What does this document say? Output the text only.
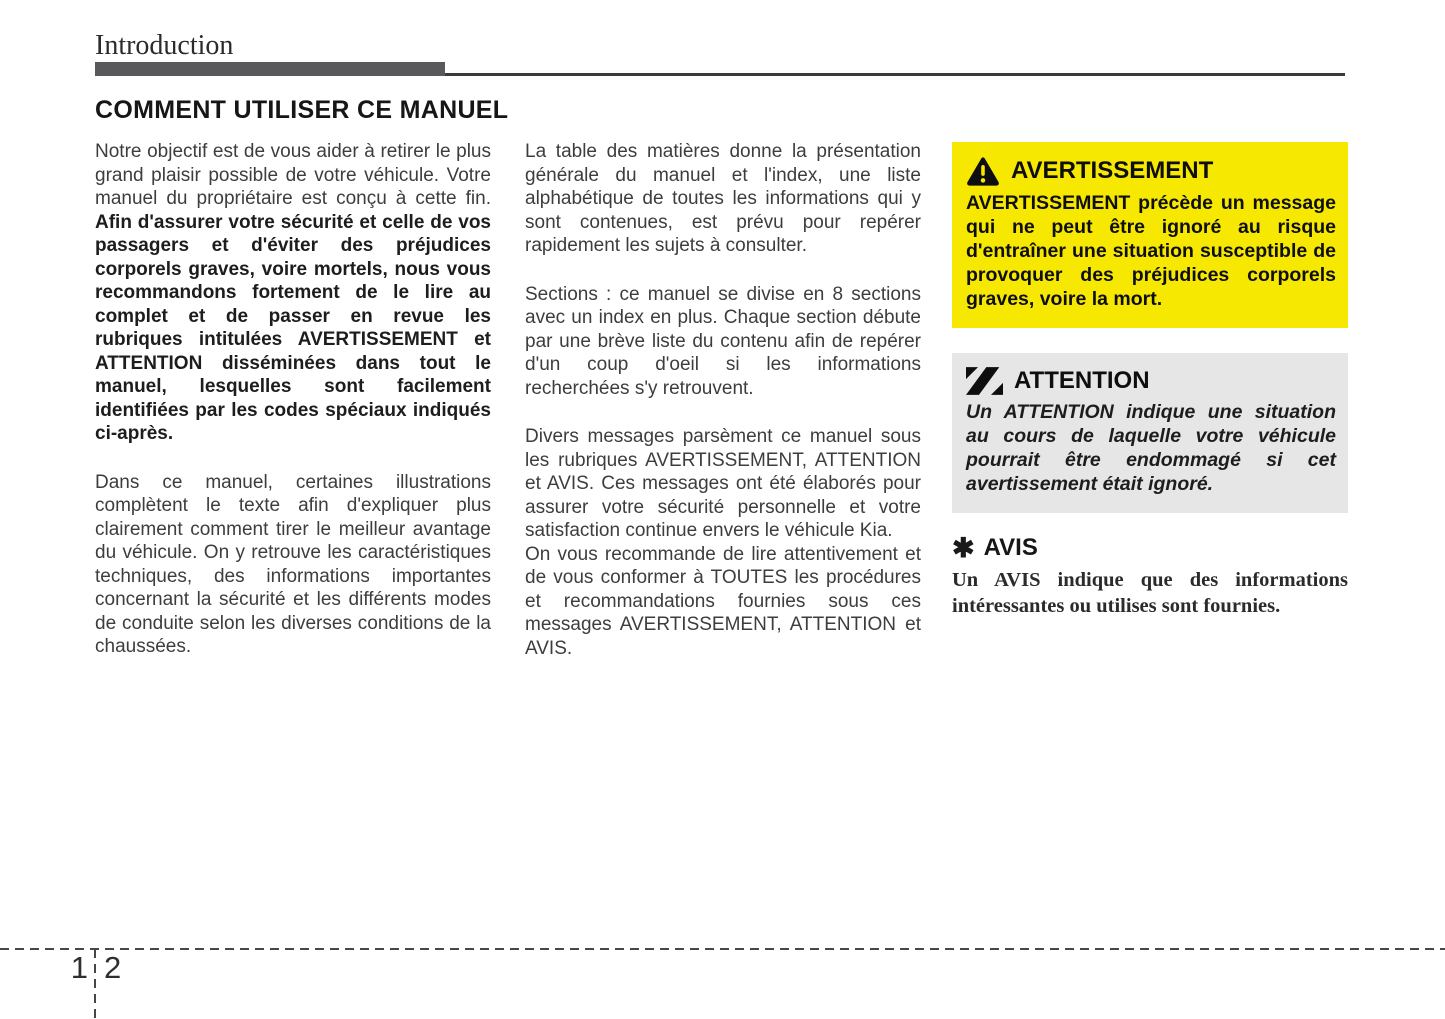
Introduction
COMMENT UTILISER CE MANUEL

Notre objectif est de vous aider à retirer le plus grand plaisir possible de votre véhicule. Votre manuel du propriétaire est conçu à cette fin. Afin d'assurer votre sécurité et celle de vos passagers et d'éviter des préjudices corporels graves, voire mortels, nous vous recommandons fortement de le lire au complet et de passer en revue les rubriques intitulées AVERTISSEMENT et ATTENTION disséminées dans tout le manuel, lesquelles sont facilement identifiées par les codes spéciaux indiqués ci-après.

Dans ce manuel, certaines illustrations complètent le texte afin d'expliquer plus clairement comment tirer le meilleur avantage du véhicule. On y retrouve les caractéristiques techniques, des informations importantes concernant la sécurité et les différents modes de conduite selon les diverses conditions de la chaussées.

La table des matières donne la présentation générale du manuel et l'index, une liste alphabétique de toutes les informations qui y sont contenues, est prévu pour repérer rapidement les sujets à consulter.

Sections : ce manuel se divise en 8 sections avec un index en plus. Chaque section débute par une brève liste du contenu afin de repérer d'un coup d'oeil si les informations recherchées s'y retrouvent.

Divers messages parsèment ce manuel sous les rubriques AVERTISSEMENT, ATTENTION et AVIS. Ces messages ont été élaborés pour assurer votre sécurité personnelle et votre satisfaction continue envers le véhicule Kia.

On vous recommande de lire attentivement et de vous conformer à TOUTES les procédures et recommandations fournies sous ces messages AVERTISSEMENT, ATTENTION et AVIS.

AVERTISSEMENT
AVERTISSEMENT précède un message qui ne peut être ignoré au risque d'entraîner une situation susceptible de provoquer des préjudices corporels graves, voire la mort.
ATTENTION
Un ATTENTION indique une situation au cours de laquelle votre véhicule pourrait être endommagé si cet avertissement était ignoré.
✱ AVIS
Un AVIS indique que des informations intéressantes ou utilises sont fournies.
1 2
